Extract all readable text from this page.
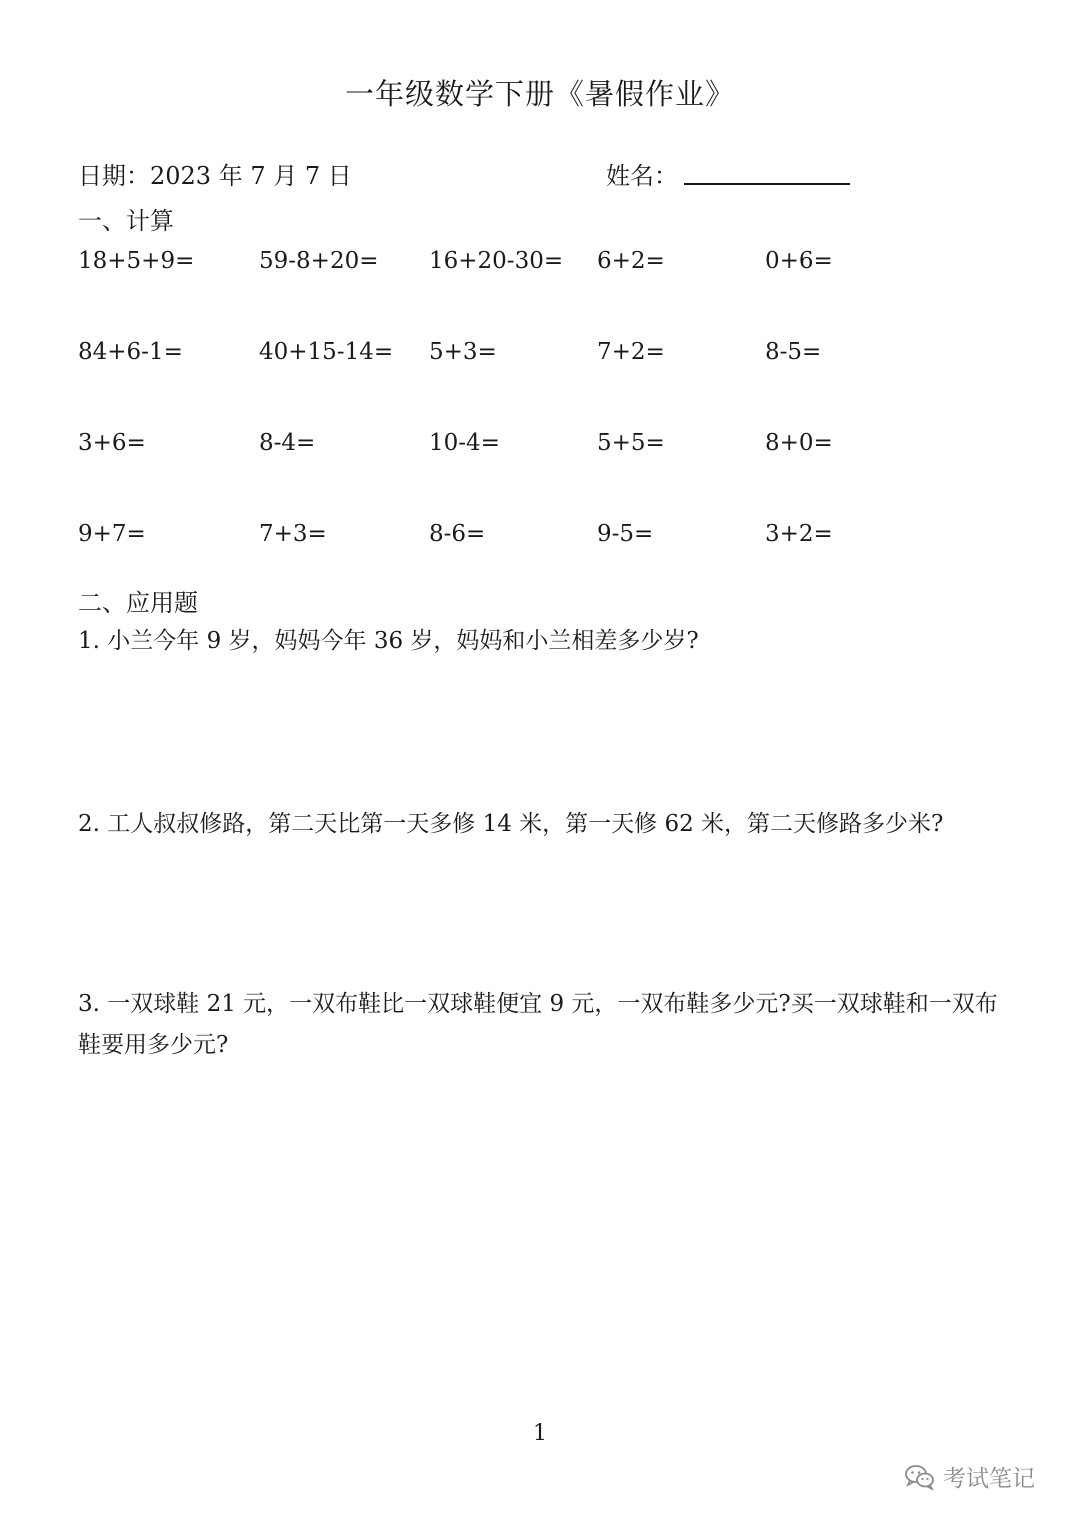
一年级数学下册《暑假作业》
日期：2023 年 7 月 7 日	姓名：
一、计算
18+5+9=	59-8+20= 16+20-30= 6+2=	0+6=
84+6-1=	40+15-14= 5+3=	7+2=	8-5=
3+6=	8-4=	10-4=	5+5=	8+0=
9+7=	7+3=	8-6=	9-5=	3+2=
二、应用题
1. 小兰今年 9 岁，妈妈今年 36 岁，妈妈和小兰相差多少岁?
2. 工人叔叔修路，第二天比第一天多修 14 米，第一天修 62 米，第二天修路多少米?
3. 一双球鞋 21 元，一双布鞋比一双球鞋便宜 9 元，一双布鞋多少元?买一双球鞋和一双布鞋要用多少元?
1
考试笔记
